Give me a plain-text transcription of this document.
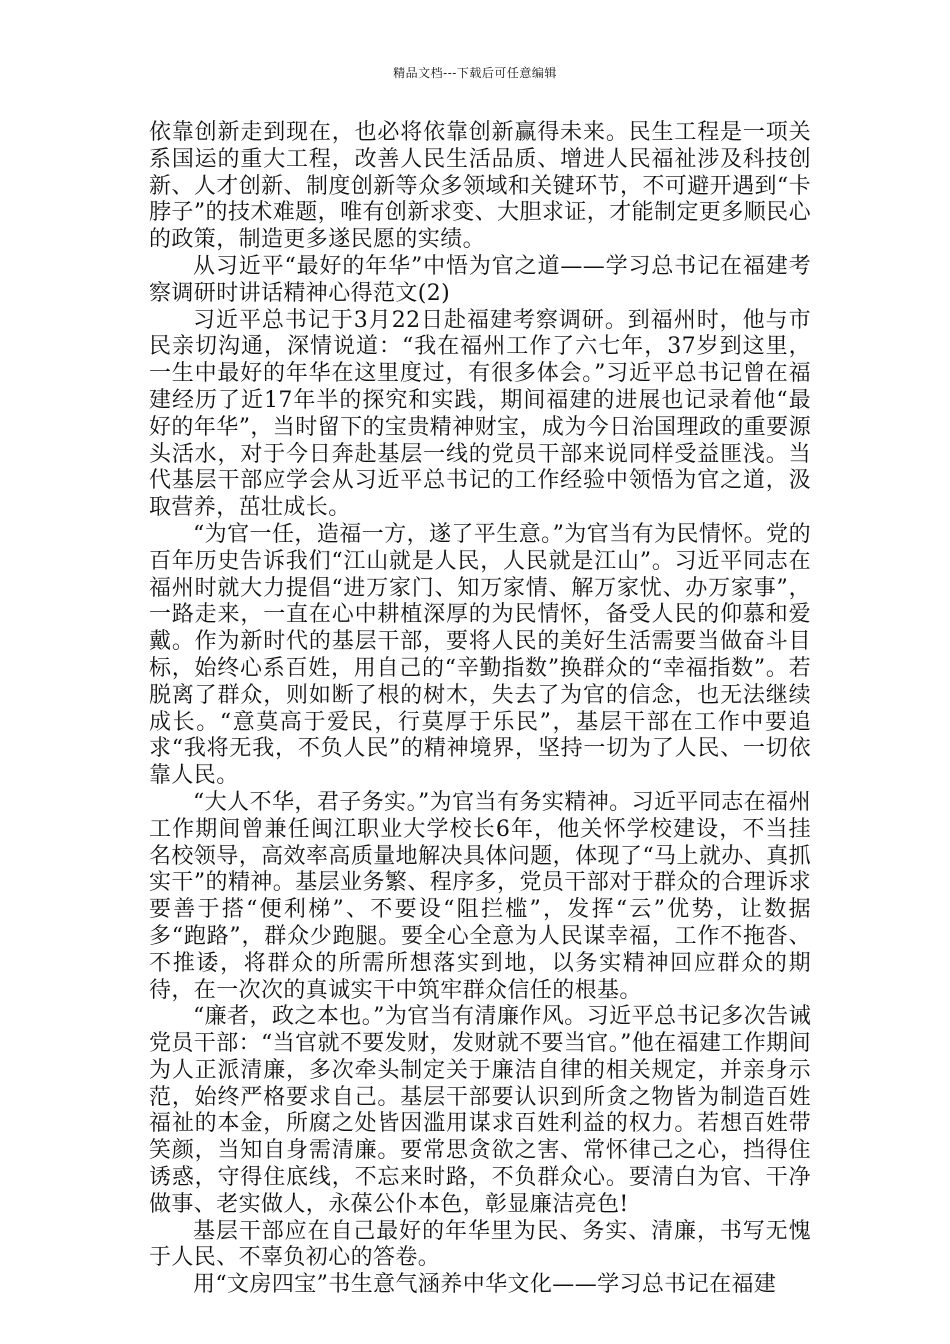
精品文档---下载后可任意编辑

依靠创新走到现在，也必将依靠创新赢得未来。民生工程是一项关系国运的重大工程，改善人民生活品质、增进人民福祉涉及科技创新、人才创新、制度创新等众多领域和关键环节，不可避开遇到“卡脖子”的技术难题，唯有创新求变、大胆求证，才能制定更多顺民心的政策，制造更多遂民愿的实绩。

从习近平“最好的年华”中悟为官之道——学习总书记在福建考察调研时讲话精神心得范文(2)

习近平总书记于3月22日赴福建考察调研。到福州时，他与市民亲切沟通，深情说道：“我在福州工作了六七年，37岁到这里，一生中最好的年华在这里度过，有很多体会。”习近平总书记曾在福建经历了近17年半的探究和实践，期间福建的进展也记录着他“最好的年华”，当时留下的宝贵精神财宝，成为今日治国理政的重要源头活水，对于今日奔赴基层一线的党员干部来说同样受益匪浅。当代基层干部应学会从习近平总书记的工作经验中领悟为官之道，汲取营养，茁壮成长。

“为官一任，造福一方，遂了平生意。”为官当有为民情怀。党的百年历史告诉我们“江山就是人民，人民就是江山”。习近平同志在福州时就大力提倡“进万家门、知万家情、解万家忧、办万家事”，一路走来，一直在心中耕植深厚的为民情怀，备受人民的仰慕和爱戴。作为新时代的基层干部，要将人民的美好生活需要当做奋斗目标，始终心系百姓，用自己的“辛勤指数”换群众的“幸福指数”。若脱离了群众，则如断了根的树木，失去了为官的信念，也无法继续成长。“意莫高于爱民，行莫厚于乐民”，基层干部在工作中要追求“我将无我，不负人民”的精神境界，坚持一切为了人民、一切依靠人民。

“大人不华，君子务实。”为官当有务实精神。习近平同志在福州工作期间曾兼任闽江职业大学校长6年，他关怀学校建设，不当挂名校领导，高效率高质量地解决具体问题，体现了“马上就办、真抓实干”的精神。基层业务繁、程序多，党员干部对于群众的合理诉求要善于搭“便利梯”、不要设“阻拦槛”，发挥“云”优势，让数据多“跑路”，群众少跑腿。要全心全意为人民谋幸福，工作不拖沓、不推诿，将群众的所需所想落实到地，以务实精神回应群众的期待，在一次次的真诚实干中筑牢群众信任的根基。

“廉者，政之本也。”为官当有清廉作风。习近平总书记多次告诫党员干部：“当官就不要发财，发财就不要当官。”他在福建工作期间为人正派清廉，多次牵头制定关于廉洁自律的相关规定，并亲身示范，始终严格要求自己。基层干部要认识到所贪之物皆为制造百姓福祉的本金，所腐之处皆因滥用谋求百姓利益的权力。若想百姓带笑颜，当知自身需清廉。要常思贪欲之害、常怀律己之心，挡得住诱惑，守得住底线，不忘来时路，不负群众心。要清白为官、干净做事、老实做人，永葆公仆本色，彰显廉洁亮色!

基层干部应在自己最好的年华里为民、务实、清廉，书写无愧于人民、不辜负初心的答卷。

用“文房四宝”书生意气涵养中华文化——学习总书记在福建
